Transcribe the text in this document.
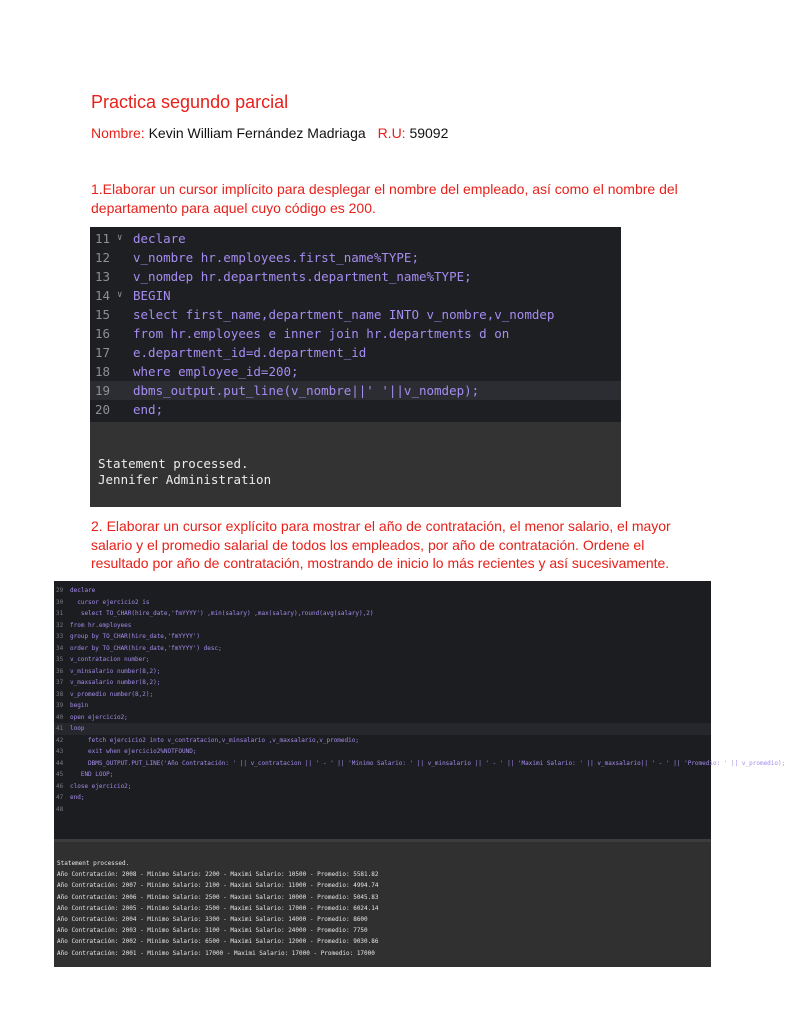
Practica segundo parcial
Nombre: Kevin William Fernández Madriaga R.U: 59092
1.Elaborar un cursor implícito para desplegar el nombre del empleado, así como el nombre del departamento para aquel cuyo código es 200.
11 ∨ declare
12	v_nombre hr.employees.first_name%TYPE;
13	v_nomdep hr.departments.department_name%TYPE;
14 ∨ BEGIN
15	select first_name,department_name INTO v_nombre,v_nomdep
16	from hr.employees e inner join hr.departments d on
17	e.department_id=d.department_id
18	where employee_id=200;
19	dbms_output.put_line(v_nombre||' '||v_nomdep);
20	end;
Statement processed.
Jennifer Administration
2. Elaborar un cursor explícito para mostrar el año de contratación, el menor salario, el mayor salario y el promedio salarial de todos los empleados, por año de contratación. Ordene el resultado por año de contratación, mostrando de inicio lo más recientes y así sucesivamente.
29 declare
30 cursor ejercicio2 is
31 select TO_CHAR(hire_date,'fmYYYY') ,min(salary) ,max(salary),round(avg(salary),2)
32 from hr.employees
33 group by TO_CHAR(hire_date,'fmYYYY')
34 order by TO_CHAR(hire_date,'fmYYYY') desc;
35 v_contratacion number;
36 v_minsalario number(8,2);
37 v_maxsalario number(8,2);
38 v_promedio number(8,2);
39 begin
40 open ejercicio2;
41 loop
42 fetch ejercicio2 into v_contratacion,v_minsalario ,v_maxsalario,v_promedio;
43 exit when ejercicio2%NOTFOUND;
44 DBMS_OUTPUT.PUT_LINE('Año Contratación: ' || v_contratacion || ' - ' || 'Minimo Salario: ' || v_minsalario || ' - ' || 'Maximi Salario: ' || v_maxsalario|| ' - ' || 'Promedio: ' || v_promedio);
45 END LOOP;
46 close ejercicio2;
47 end;
48
Statement processed.
Año Contratación: 2008 - Minimo Salario: 2200 - Maximi Salario: 10500 - Promedio: 5581.82
Año Contratación: 2007 - Minimo Salario: 2100 - Maximi Salario: 11000 - Promedio: 4994.74
Año Contratación: 2006 - Minimo Salario: 2500 - Maximi Salario: 10000 - Promedio: 5045.83
Año Contratación: 2005 - Minimo Salario: 2500 - Maximi Salario: 17000 - Promedio: 6024.14
Año Contratación: 2004 - Minimo Salario: 3300 - Maximi Salario: 14000 - Promedio: 8600
Año Contratación: 2003 - Minimo Salario: 3100 - Maximi Salario: 24000 - Promedio: 7750
Año Contratación: 2002 - Minimo Salario: 6500 - Maximi Salario: 12000 - Promedio: 9030.86
Año Contratación: 2001 - Minimo Salario: 17000 - Maximi Salario: 17000 - Promedio: 17000
